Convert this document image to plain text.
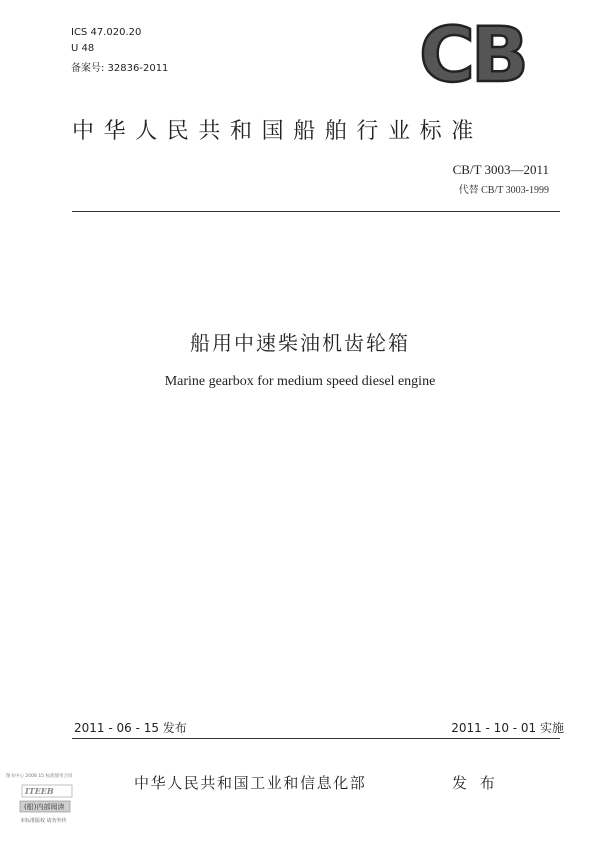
ICS 47.020.20
U 48
备案号: 32836-2011	CB
中华人民共和国船舶行业标准
CB/T 3003—2011
代替 CB/T 3003-1999
船用中速柴油机齿轮箱
Marine gearbox for medium speed diesel engine
2011 - 06 - 15 发布	2011 - 10 - 01 实施
图书中心 2008 15 标准使用合同
ITEEB
(船)内部阅读
本标准版权 请勿外传
中华人民共和国工业和信息化部	发 布
